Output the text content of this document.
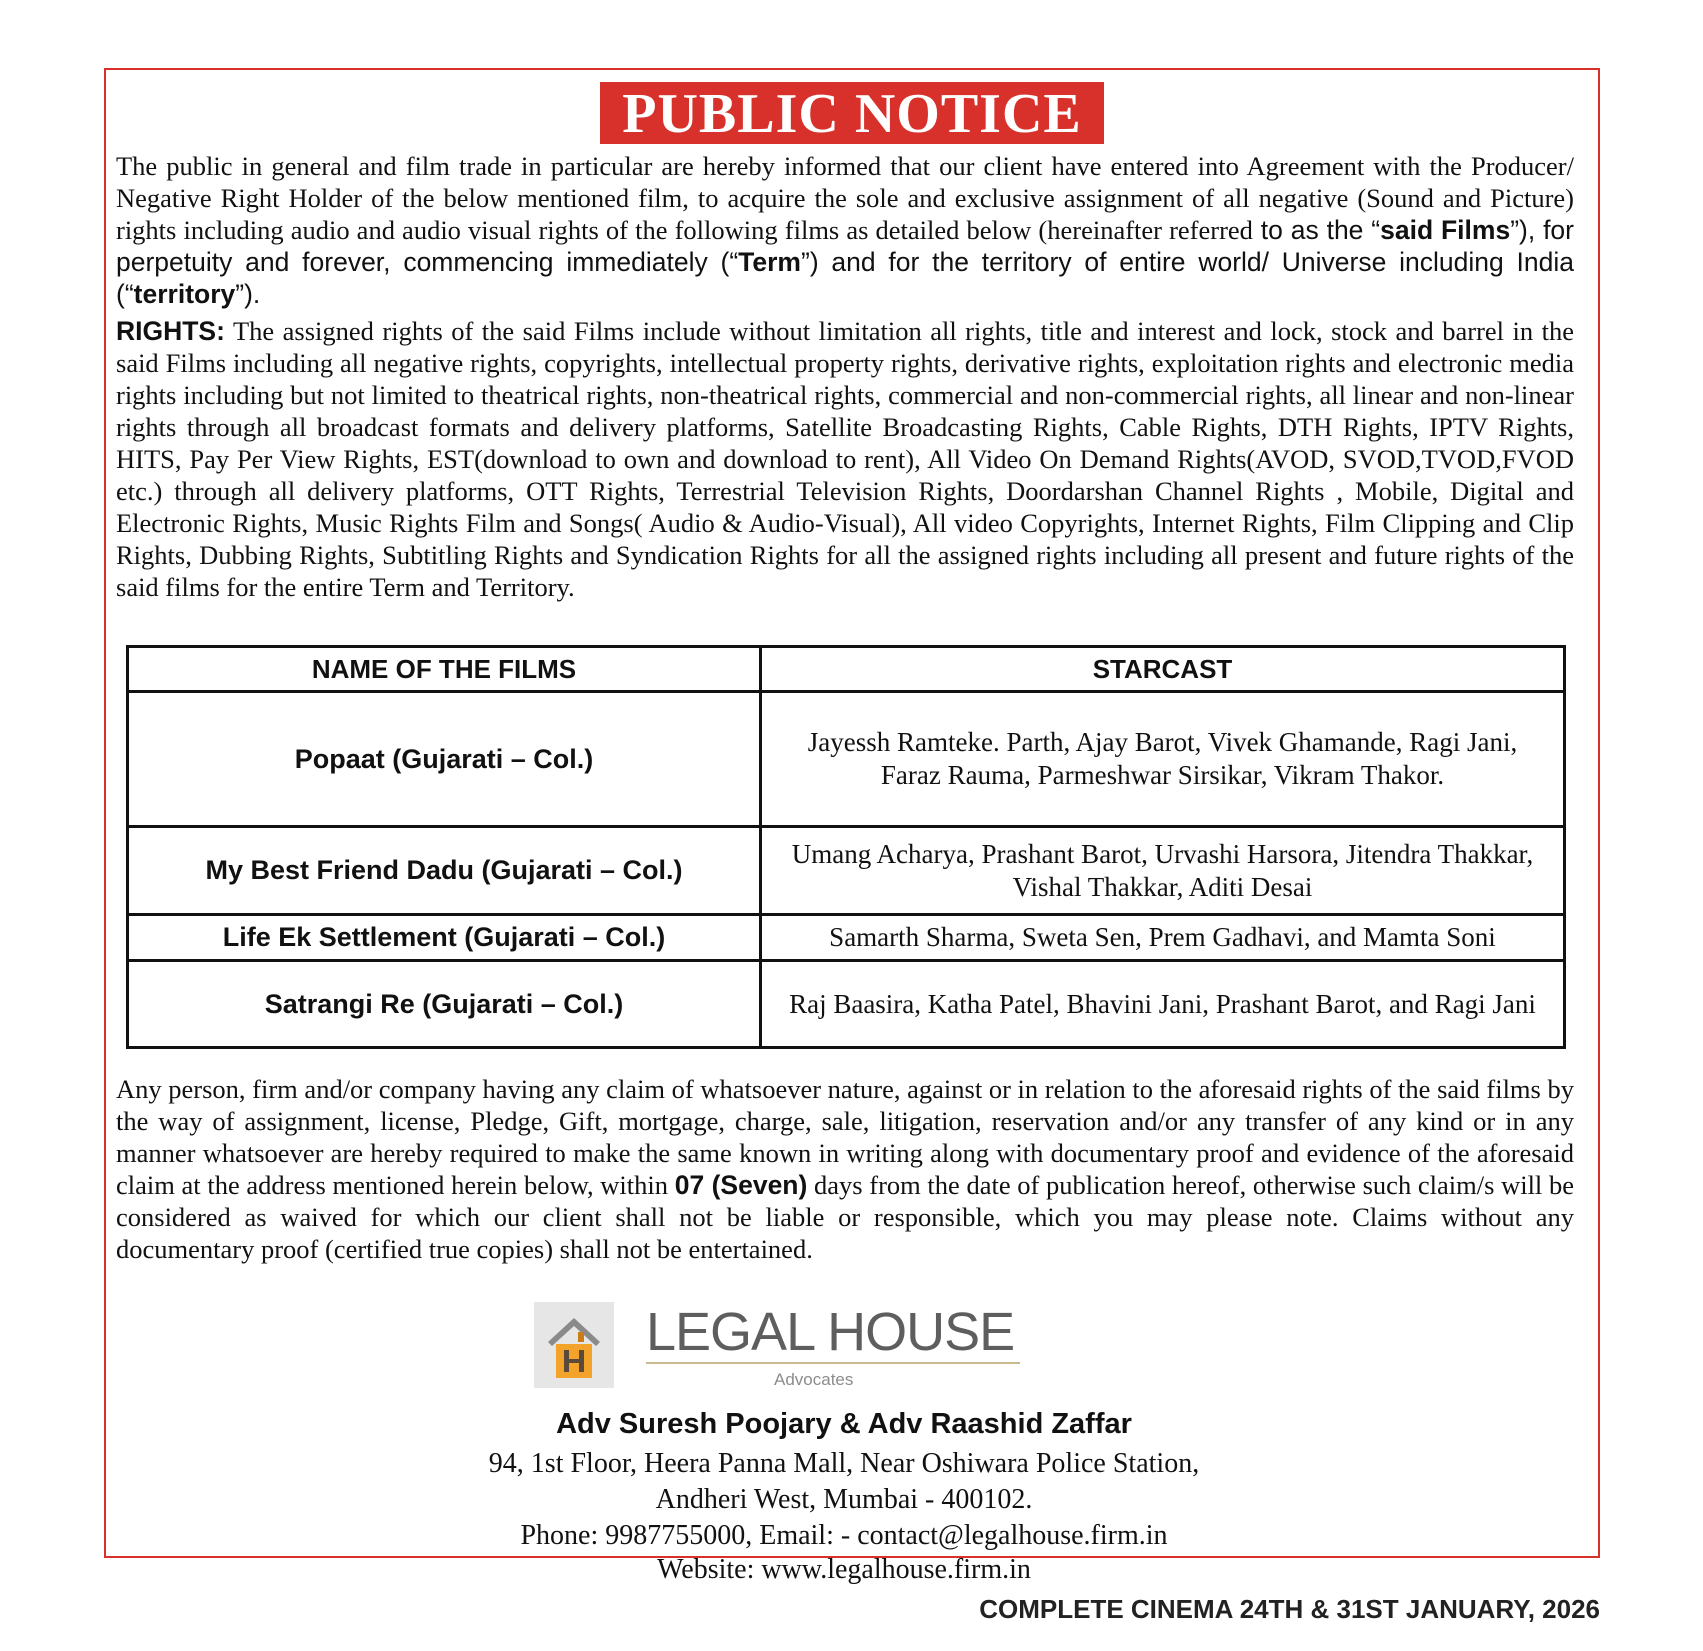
PUBLIC NOTICE

The public in general and film trade in particular are hereby informed that our client have entered into Agreement with the Producer/ Negative Right Holder of the below mentioned film, to acquire the sole and exclusive assignment of all negative (Sound and Picture) rights including audio and audio visual rights of the following films as detailed below (hereinafter referred to as the “said Films”), for perpetuity and forever, commencing immediately (“Term”) and for the territory of entire world/ Universe including India (“territory”).

RIGHTS: The assigned rights of the said Films include without limitation all rights, title and interest and lock, stock and barrel in the said Films including all negative rights, copyrights, intellectual property rights, derivative rights, exploitation rights and electronic media rights including but not limited to theatrical rights, non-theatrical rights, commercial and non-commercial rights, all linear and non-linear rights through all broadcast formats and delivery platforms, Satellite Broadcasting Rights, Cable Rights, DTH Rights, IPTV Rights, HITS, Pay Per View Rights, EST(download to own and download to rent), All Video On Demand Rights(AVOD, SVOD,TVOD,FVOD etc.) through all delivery platforms, OTT Rights, Terrestrial Television Rights, Doordarshan Channel Rights , Mobile, Digital and Electronic Rights, Music Rights Film and Songs( Audio & Audio-Visual), All video Copyrights, Internet Rights, Film Clipping and Clip Rights, Dubbing Rights, Subtitling Rights and Syndication Rights for all the assigned rights including all present and future rights of the said films for the entire Term and Territory.

NAME OF THE FILMS	STARCAST
Popaat (Gujarati – Col.)	Jayessh Ramteke. Parth, Ajay Barot, Vivek Ghamande, Ragi Jani, Faraz Rauma, Parmeshwar Sirsikar, Vikram Thakor.
My Best Friend Dadu (Gujarati – Col.)	Umang Acharya, Prashant Barot, Urvashi Harsora, Jitendra Thakkar, Vishal Thakkar, Aditi Desai
Life Ek Settlement (Gujarati – Col.)	Samarth Sharma, Sweta Sen, Prem Gadhavi, and Mamta Soni
Satrangi Re (Gujarati – Col.)	Raj Baasira, Katha Patel, Bhavini Jani, Prashant Barot, and Ragi Jani

Any person, firm and/or company having any claim of whatsoever nature, against or in relation to the aforesaid rights of the said films by the way of assignment, license, Pledge, Gift, mortgage, charge, sale, litigation, reservation and/or any transfer of any kind or in any manner whatsoever are hereby required to make the same known in writing along with documentary proof and evidence of the aforesaid claim at the address mentioned herein below, within 07 (Seven) days from the date of publication hereof, otherwise such claim/s will be considered as waived for which our client shall not be liable or responsible, which you may please note. Claims without any documentary proof (certified true copies) shall not be entertained.

LEGAL HOUSE
Advocates
Adv Suresh Poojary & Adv Raashid Zaffar
94, 1st Floor, Heera Panna Mall, Near Oshiwara Police Station,
Andheri West, Mumbai - 400102.
Phone: 9987755000, Email: - contact@legalhouse.firm.in
Website: www.legalhouse.firm.in
COMPLETE CINEMA 24TH & 31ST JANUARY, 2026
